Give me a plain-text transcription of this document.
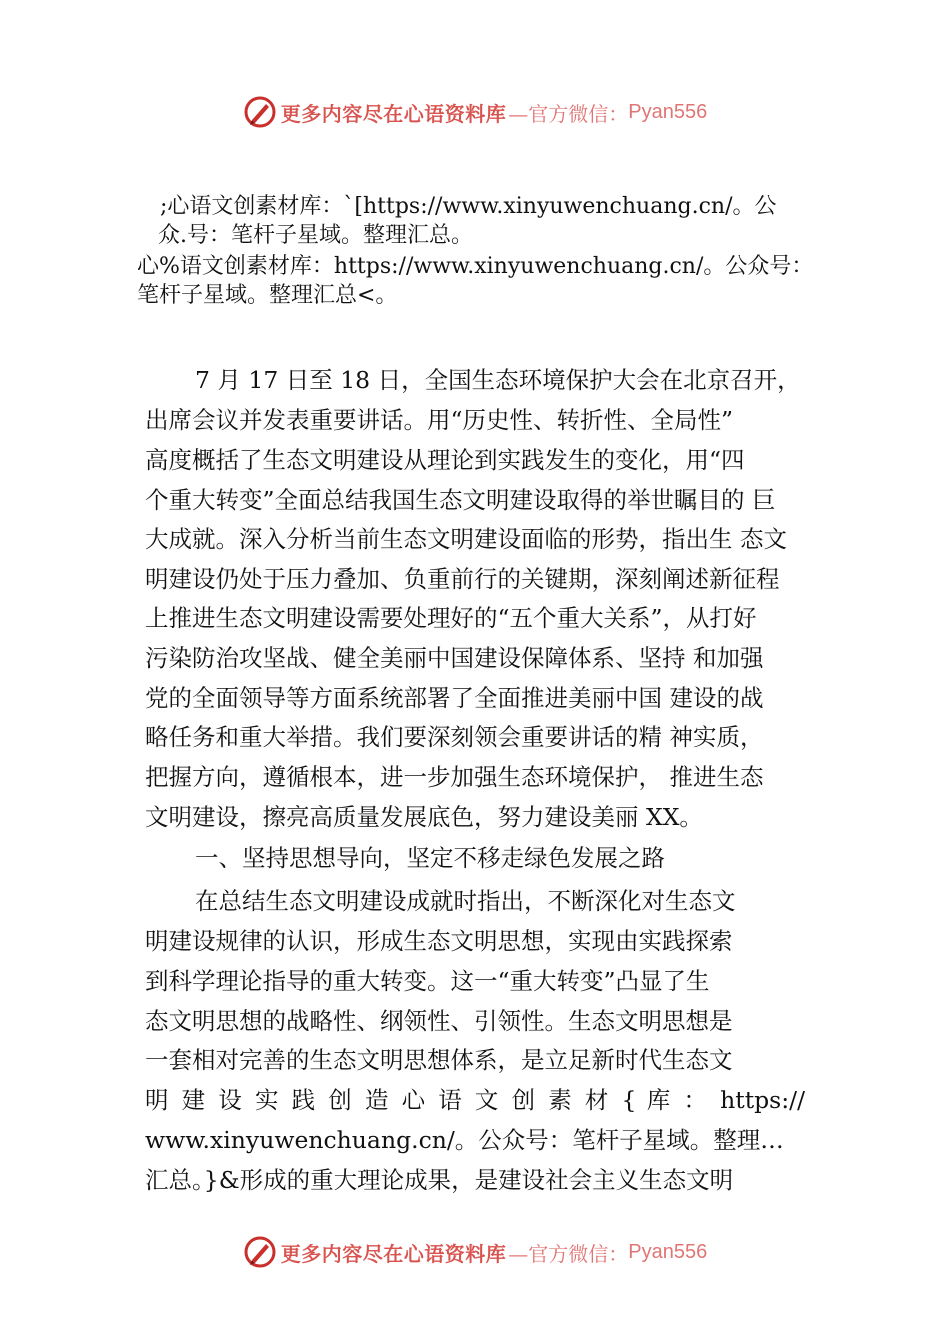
更多内容尽在心语资料库 —官方微信： Pyan556
;心语文创素材库：`[https://www.xinyuwenchuang.cn/。公
众.号：笔杆子星域。整理汇总。
心%语文创素材库：https://www.xinyuwenchuang.cn/。公众号：
笔杆子星域。整理汇总<。
7 月 17 日至 18 日，全国生态环境保护大会在北京召开，
出席会议并发表重要讲话。用“历史性、转折性、全局性”
高度概括了生态文明建设从理论到实践发生的变化，用“四
个重大转变”全面总结我国生态文明建设取得的举世瞩目的 巨
大成就。深入分析当前生态文明建设面临的形势，指出生 态文
明建设仍处于压力叠加、负重前行的关键期，深刻阐述新征程
上推进生态文明建设需要处理好的“五个重大关系”，从打好
污染防治攻坚战、健全美丽中国建设保障体系、坚持 和加强
党的全面领导等方面系统部署了全面推进美丽中国 建设的战
略任务和重大举措。我们要深刻领会重要讲话的精 神实质，
把握方向，遵循根本，进一步加强生态环境保护， 推进生态
文明建设，擦亮高质量发展底色，努力建设美丽 XX。
一、坚持思想导向，坚定不移走绿色发展之路
在总结生态文明建设成就时指出，不断深化对生态文
明建设规律的认识，形成生态文明思想，实现由实践探索
到科学理论指导的重大转变。这一“重大转变”凸显了生
态文明思想的战略性、纲领性、引领性。生态文明思想是
一套相对完善的生态文明思想体系，是立足新时代生态文
明 建 设 实 践 创 造 心 语 文 创 素 材 { 库 ： https://
www.xinyuwenchuang.cn/。公众号：笔杆子星域。整理…
汇总。}&形成的重大理论成果，是建设社会主义生态文明
更多内容尽在心语资料库 —官方微信： Pyan556
